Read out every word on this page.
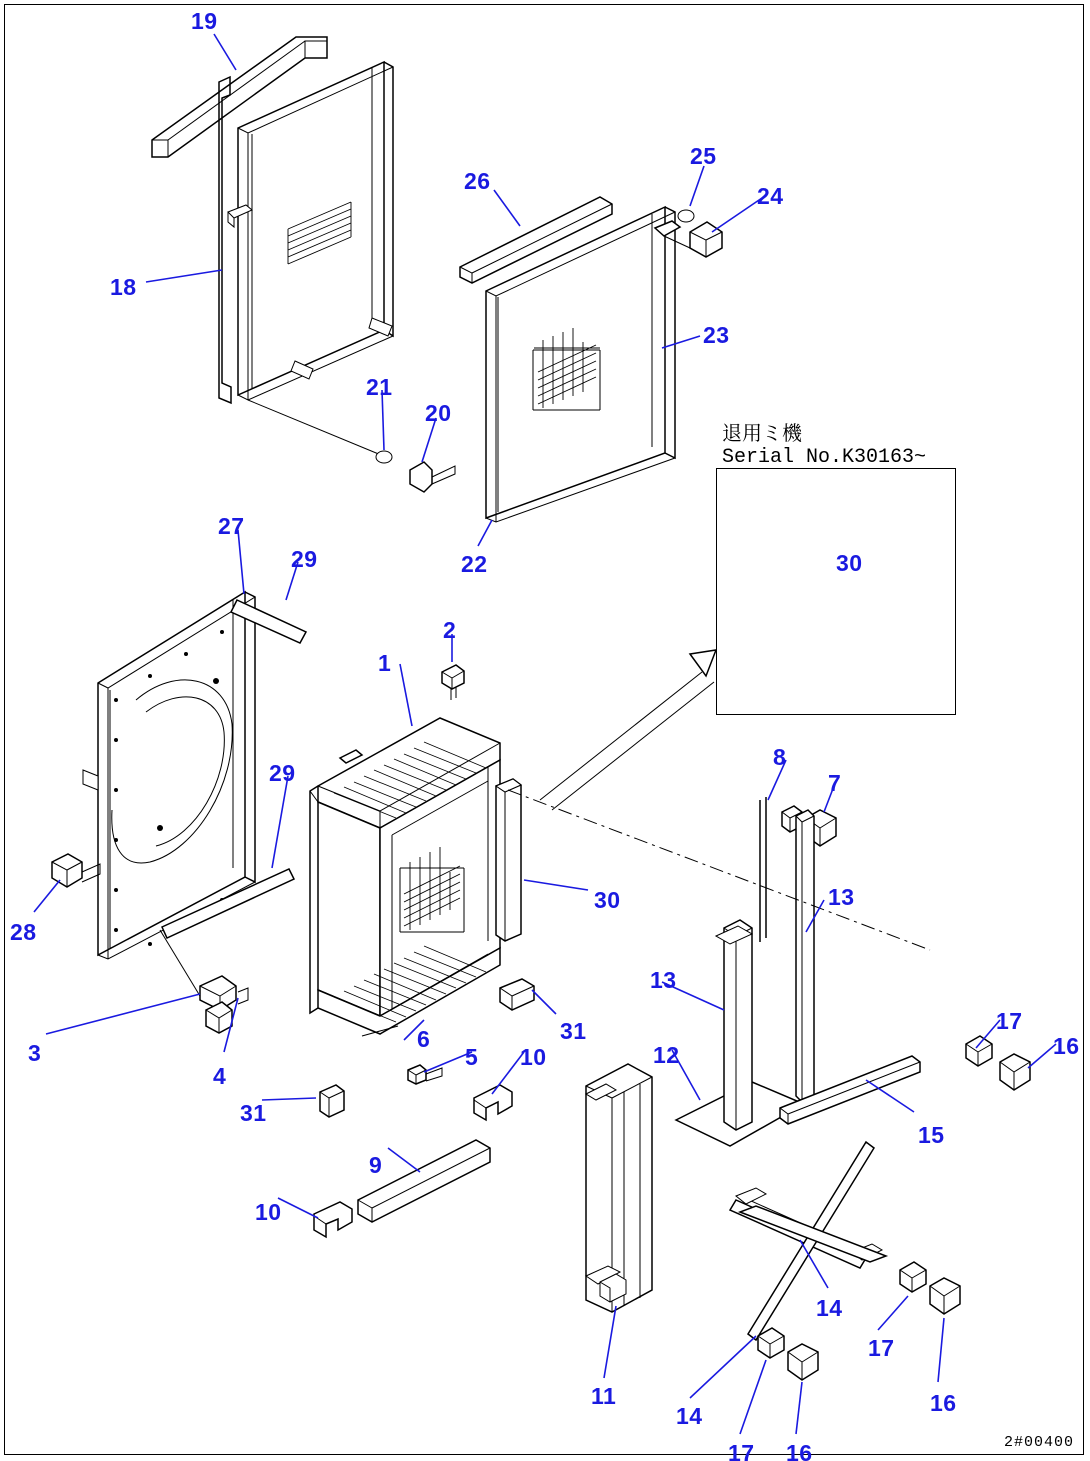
退用ミ機
Serial No.K30163~
30
19
26
25
24
18
23
21
20
22
27
29
2
1
8
7
29
30	13
28
13
17
16
3
4
6
5 10
31
12
15
31
9
10
14
11
14
17
16
17 16	2#00400
